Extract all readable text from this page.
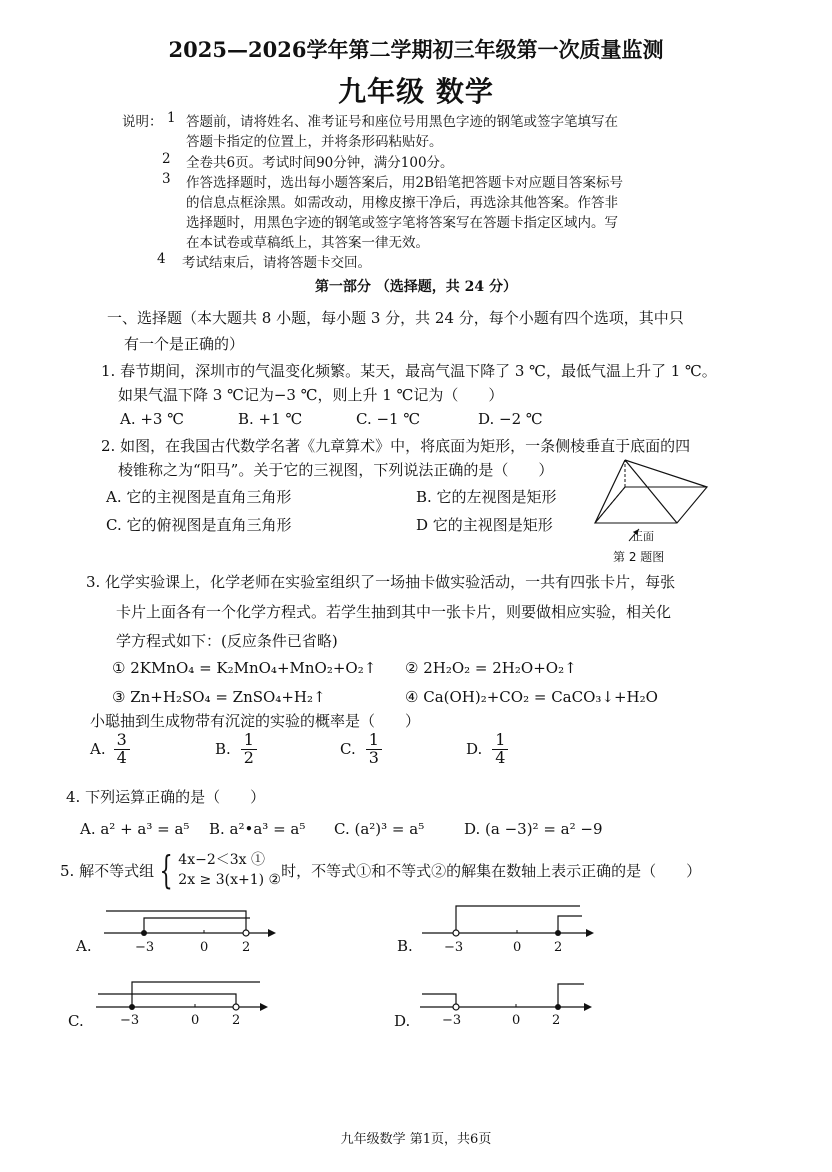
2025—2026学年第二学期初三年级第一次质量监测
九年级 数学
说明： 1 答题前，请将姓名、准考证号和座位号用黑色字迹的钢笔或签字笔填写在
答题卡指定的位置上，并将条形码粘贴好。
2 全卷共6页。考试时间90分钟，满分100分。
3 作答选择题时，选出每小题答案后，用2B铅笔把答题卡对应题目答案标号
的信息点框涂黑。如需改动，用橡皮擦干净后，再选涂其他答案。作答非
选择题时，用黑色字迹的钢笔或签字笔将答案写在答题卡指定区域内。写
在本试卷或草稿纸上，其答案一律无效。
4 考试结束后，请将答题卡交回。
第一部分 （选择题，共 24 分）
一、选择题（本大题共 8 小题，每小题 3 分，共 24 分，每个小题有四个选项，其中只
有一个是正确的）
1. 春节期间，深圳市的气温变化频繁。某天，最高气温下降了 3 ℃，最低气温上升了 1 ℃。
如果气温下降 3 ℃记为−3 ℃，则上升 1 ℃记为（　　）
A. +3 ℃	B. +1 ℃	C. −1 ℃	D. −2 ℃
2. 如图，在我国古代数学名著《九章算术》中，将底面为矩形，一条侧棱垂直于底面的四
棱锥称之为“阳马”。关于它的三视图，下列说法正确的是（　　）
A. 它的主视图是直角三角形	B. 它的左视图是矩形
C. 它的俯视图是直角三角形	D 它的主视图是矩形
正面
第 2 题图
3. 化学实验课上，化学老师在实验室组织了一场抽卡做实验活动，一共有四张卡片，每张
卡片上面各有一个化学方程式。若学生抽到其中一张卡片，则要做相应实验，相关化
学方程式如下：(反应条件已省略)
① 2KMnO₄ = K₂MnO₄+MnO₂+O₂↑ ② 2H₂O₂ = 2H₂O+O₂↑
③ Zn+H₂SO₄ = ZnSO₄+H₂↑	④ Ca(OH)₂+CO₂ = CaCO₃↓+H₂O
小聪抽到生成物带有沉淀的实验的概率是（　　）
A. $\frac{3}{4}$	B. $\frac{1}{2}$	C. $\frac{1}{3}$	D. $\frac{1}{4}$
4. 下列运算正确的是（　　）
A. a² + a³ = a⁵ B. a²•a³ = a⁵ C. (a²)³ = a⁵	D. (a −3)² = a² −9
5. 解不等式组 { 4x−2＜3x ①
2x ≥ 3(x+1) ②
时，不等式①和不等式②的解集在数轴上表示正确的是（　　）
A.	−3	0	2	B. −3	0	2
C.	−3	0	2	D. −3	0 2
九年级数学 第1页，共6页
